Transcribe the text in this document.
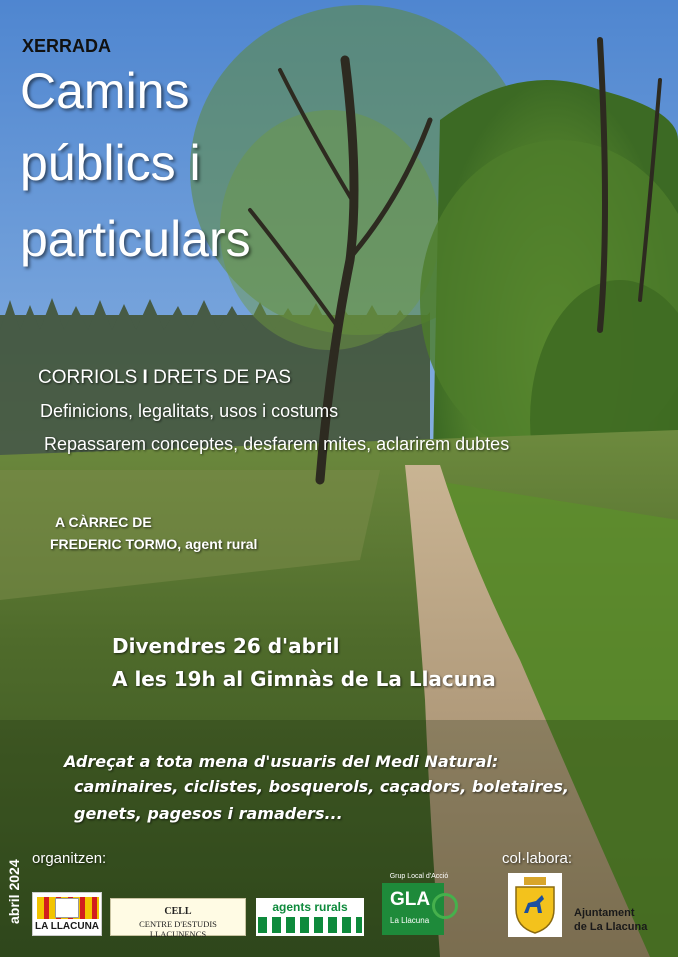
XERRADA

Camins

públics i

particulars

CORRIOLS I DRETS DE PAS

Definicions, legalitats, usos i costums

Repassarem conceptes, desfarem mites, aclarirem dubtes

A CÀRREC DE

FREDERIC TORMO, agent rural

Divendres 26 d'abril

A les 19h al Gimnàs de La Llacuna

Adreçat a tota mena d'usuaris del Medi Natural:

caminaires, ciclistes, bosquerols, caçadors, boletaires,

genets, pagesos i ramaders...

abril 2024

organitzen:	col·labora:

LA LLACUNA
CELL
CENTRE D'ESTUDIS LLACUNENCS
agents rurals
Grup Local d'Acció
GLA
La Llacuna

Ajuntament
de La Llacuna
